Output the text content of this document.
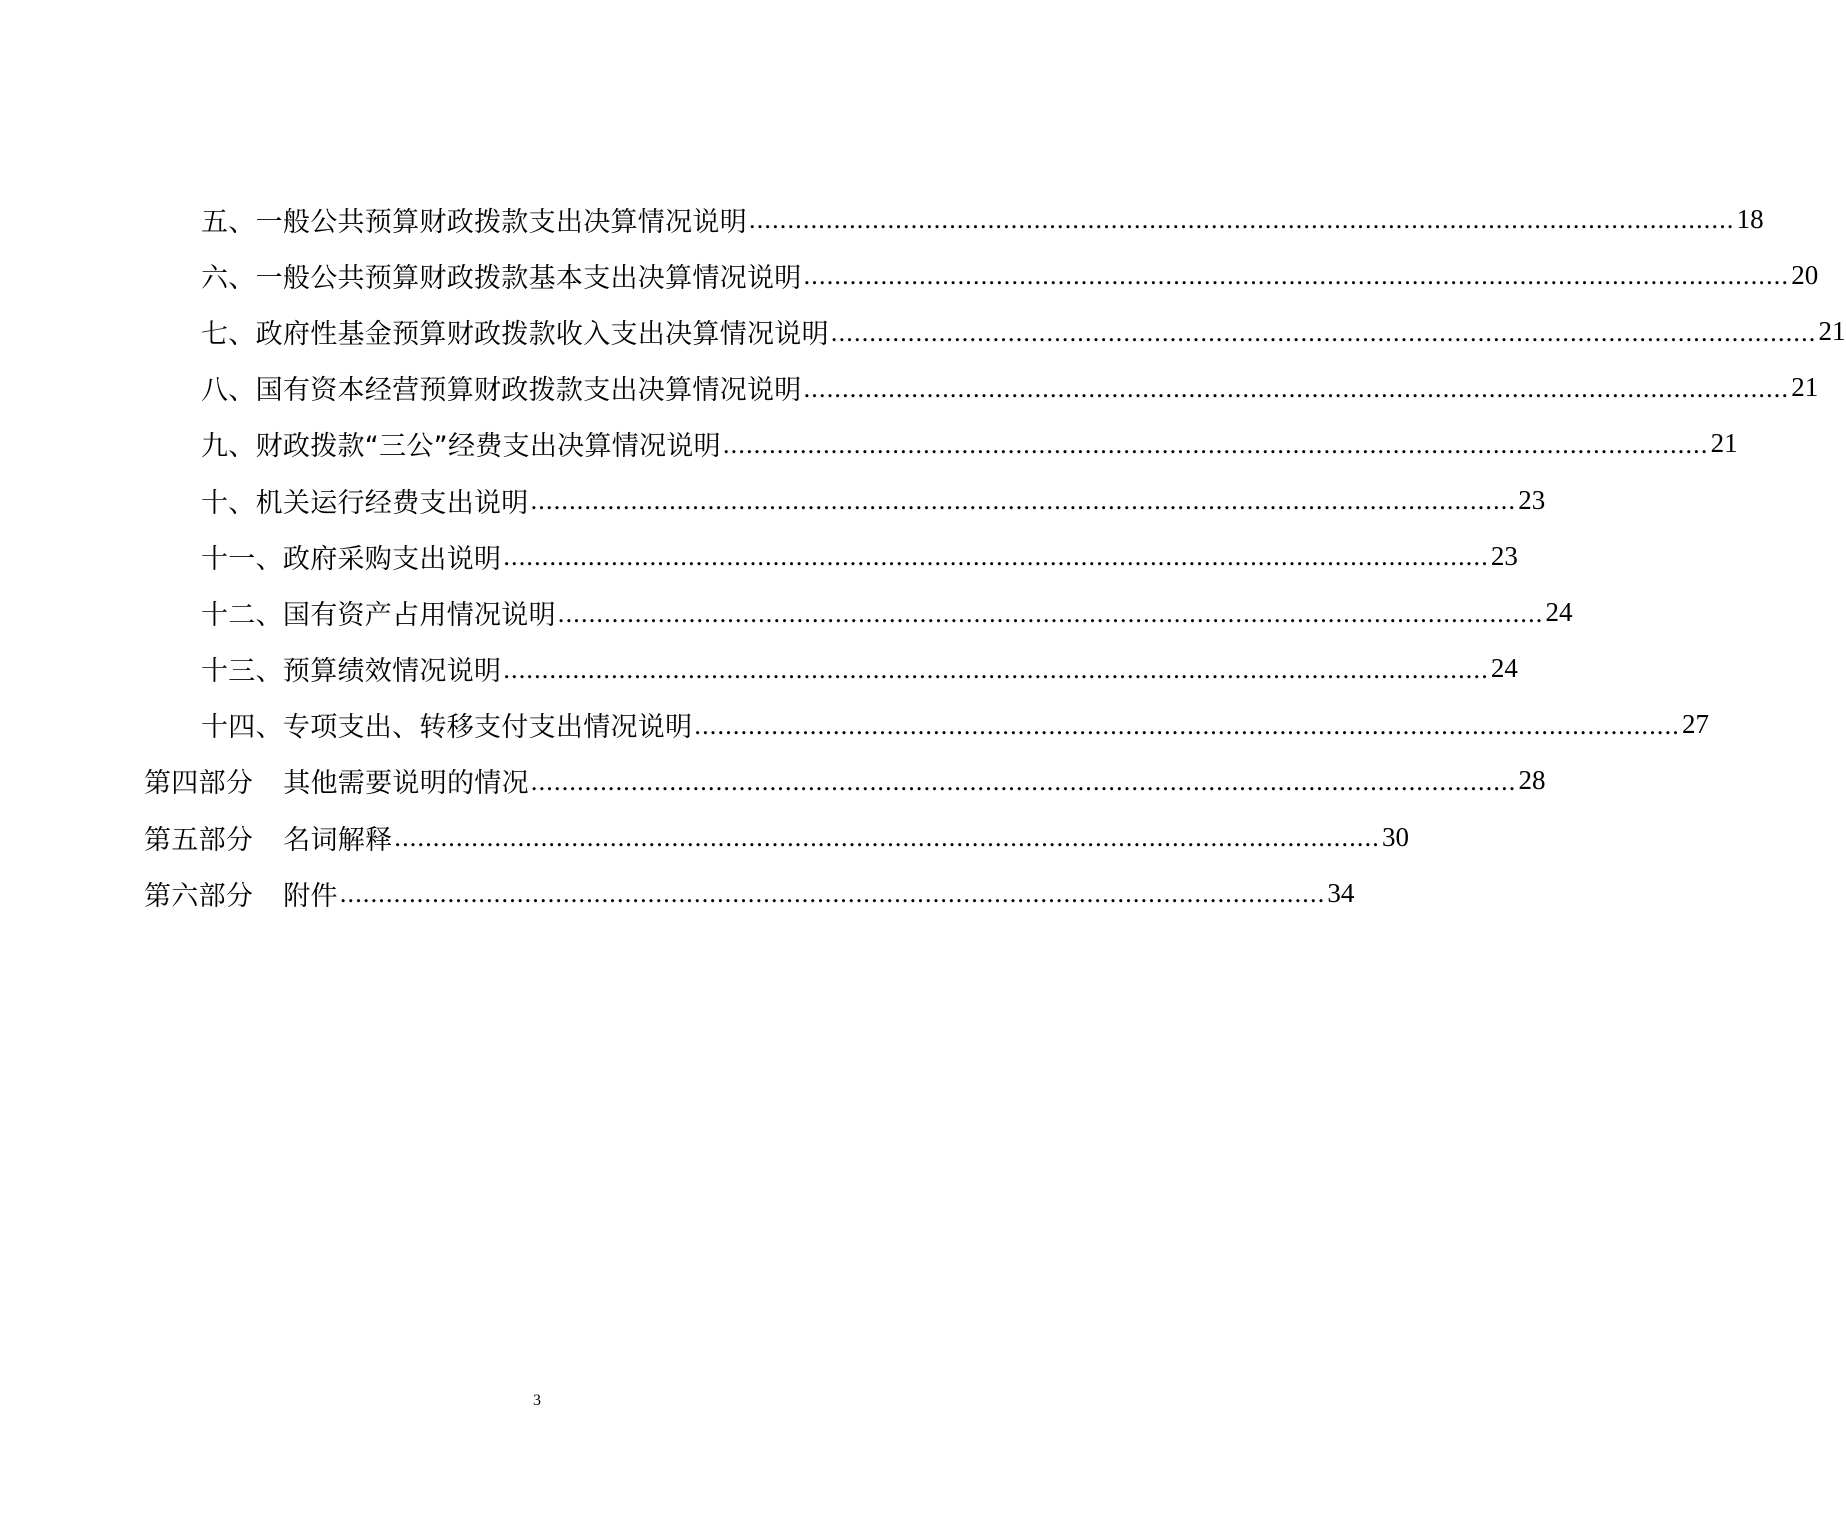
五、一般公共预算财政拨款支出决算情况说明 ................................................................................................................................ 18
六、一般公共预算财政拨款基本支出决算情况说明 ................................................................................................................................ 20
七、政府性基金预算财政拨款收入支出决算情况说明 ................................................................................................................................ 21
八、国有资本经营预算财政拨款支出决算情况说明 ................................................................................................................................ 21
九、财政拨款“三公”经费支出决算情况说明 ................................................................................................................................ 21
十、机关运行经费支出说明 ................................................................................................................................ 23
十一、政府采购支出说明 ................................................................................................................................ 23
十二、国有资产占用情况说明 ................................................................................................................................ 24
十三、预算绩效情况说明 ................................................................................................................................ 24
十四、专项支出、转移支付支出情况说明 ................................................................................................................................ 27
第四部分 其他需要说明的情况 ................................................................................................................................ 28
第五部分 名词解释 ................................................................................................................................ 30
第六部分 附件 ................................................................................................................................ 34
3
